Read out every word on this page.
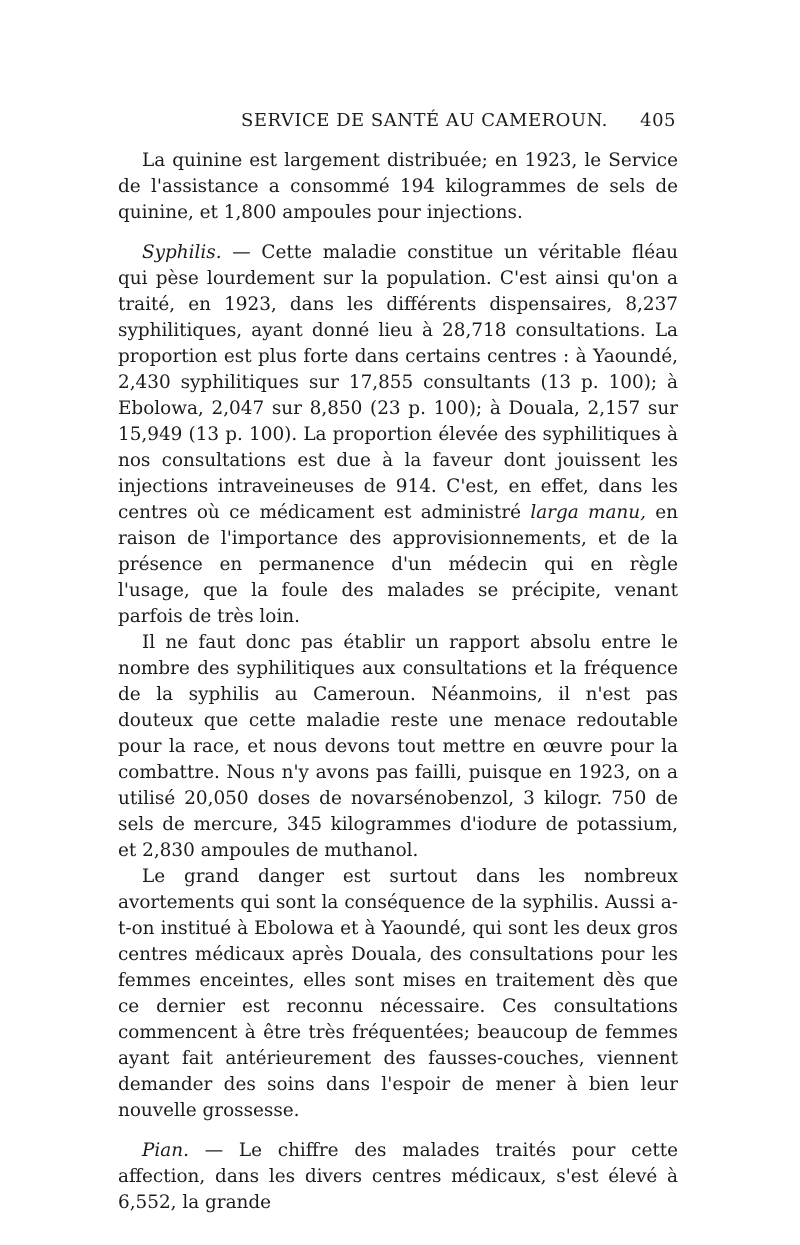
SERVICE DE SANTÉ AU CAMEROUN. 405

La quinine est largement distribuée; en 1923, le Service de l'assistance a consommé 194 kilogrammes de sels de quinine, et 1,800 ampoules pour injections.

Syphilis. — Cette maladie constitue un véritable fléau qui pèse lourdement sur la population. C'est ainsi qu'on a traité, en 1923, dans les différents dispensaires, 8,237 syphilitiques, ayant donné lieu à 28,718 consultations. La proportion est plus forte dans certains centres : à Yaoundé, 2,430 syphilitiques sur 17,855 consultants (13 p. 100); à Ebolowa, 2,047 sur 8,850 (23 p. 100); à Douala, 2,157 sur 15,949 (13 p. 100). La proportion élevée des syphilitiques à nos consultations est due à la faveur dont jouissent les injections intraveineuses de 914. C'est, en effet, dans les centres où ce médicament est administré larga manu, en raison de l'importance des approvisionnements, et de la présence en permanence d'un médecin qui en règle l'usage, que la foule des malades se précipite, venant parfois de très loin.

Il ne faut donc pas établir un rapport absolu entre le nombre des syphilitiques aux consultations et la fréquence de la syphilis au Cameroun. Néanmoins, il n'est pas douteux que cette maladie reste une menace redoutable pour la race, et nous devons tout mettre en œuvre pour la combattre. Nous n'y avons pas failli, puisque en 1923, on a utilisé 20,050 doses de novarsénobenzol, 3 kilogr. 750 de sels de mercure, 345 kilogrammes d'iodure de potassium, et 2,830 ampoules de muthanol.

Le grand danger est surtout dans les nombreux avortements qui sont la conséquence de la syphilis. Aussi a-t-on institué à Ebolowa et à Yaoundé, qui sont les deux gros centres médicaux après Douala, des consultations pour les femmes enceintes, elles sont mises en traitement dès que ce dernier est reconnu nécessaire. Ces consultations commencent à être très fréquentées; beaucoup de femmes ayant fait antérieurement des fausses-couches, viennent demander des soins dans l'espoir de mener à bien leur nouvelle grossesse.

Pian. — Le chiffre des malades traités pour cette affection, dans les divers centres médicaux, s'est élevé à 6,552, la grande
